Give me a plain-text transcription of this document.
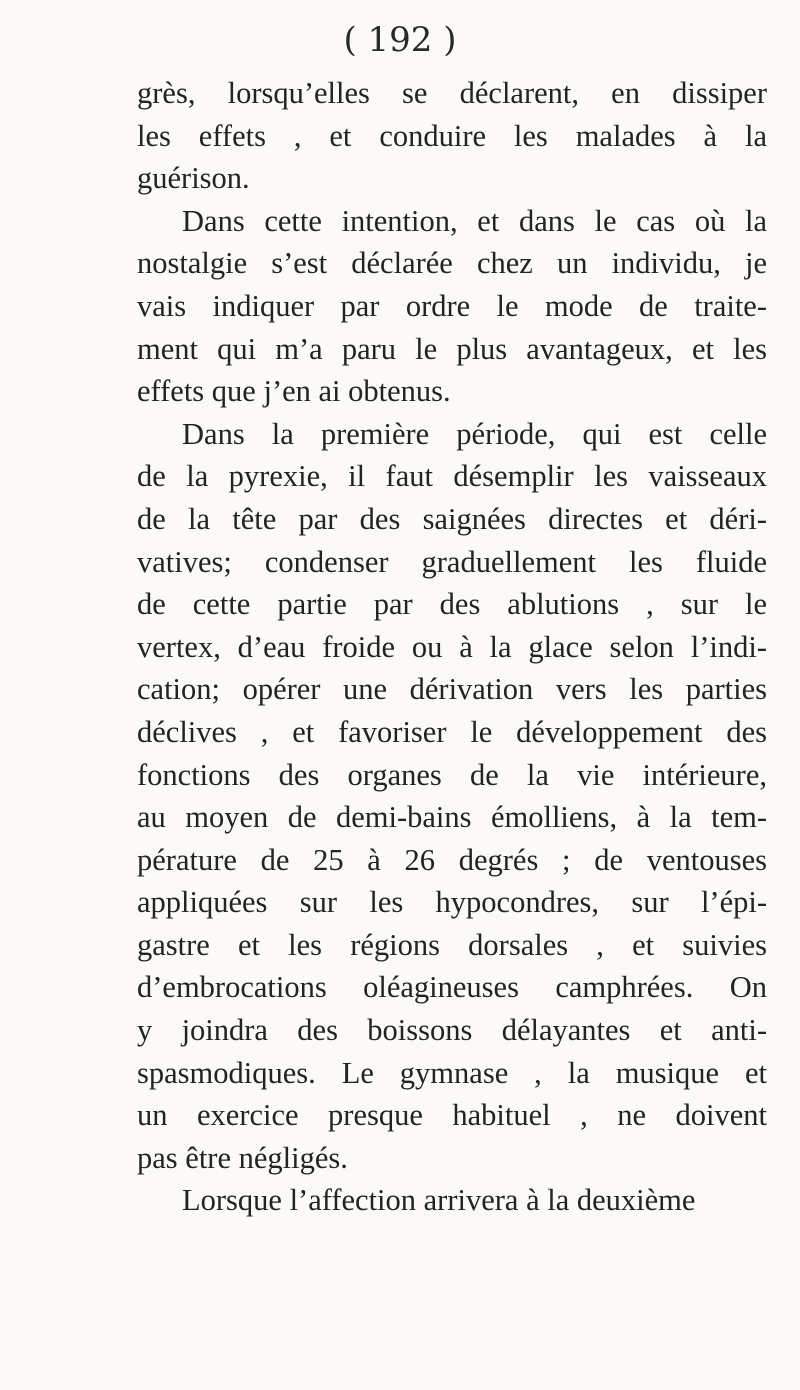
( 192 )
grès, lorsqu’elles se déclarent, en dissiper
les effets , et conduire les malades à la
guérison.
Dans cette intention, et dans le cas où la
nostalgie s’est déclarée chez un individu, je
vais indiquer par ordre le mode de traite-
ment qui m’a paru le plus avantageux, et les
effets que j’en ai obtenus.
Dans la première période, qui est celle
de la pyrexie, il faut désemplir les vaisseaux
de la tête par des saignées directes et déri-
vatives; condenser graduellement les fluide
de cette partie par des ablutions , sur le
vertex, d’eau froide ou à la glace selon l’indi-
cation; opérer une dérivation vers les parties
déclives , et favoriser le développement des
fonctions des organes de la vie intérieure,
au moyen de demi-bains émolliens, à la tem-
pérature de 25 à 26 degrés ; de ventouses
appliquées sur les hypocondres, sur l’épi-
gastre et les régions dorsales , et suivies
d’embrocations oléagineuses camphrées. On
y joindra des boissons délayantes et anti-
spasmodiques. Le gymnase , la musique et
un exercice presque habituel , ne doivent
pas être négligés.
Lorsque l’affection arrivera à la deuxième
